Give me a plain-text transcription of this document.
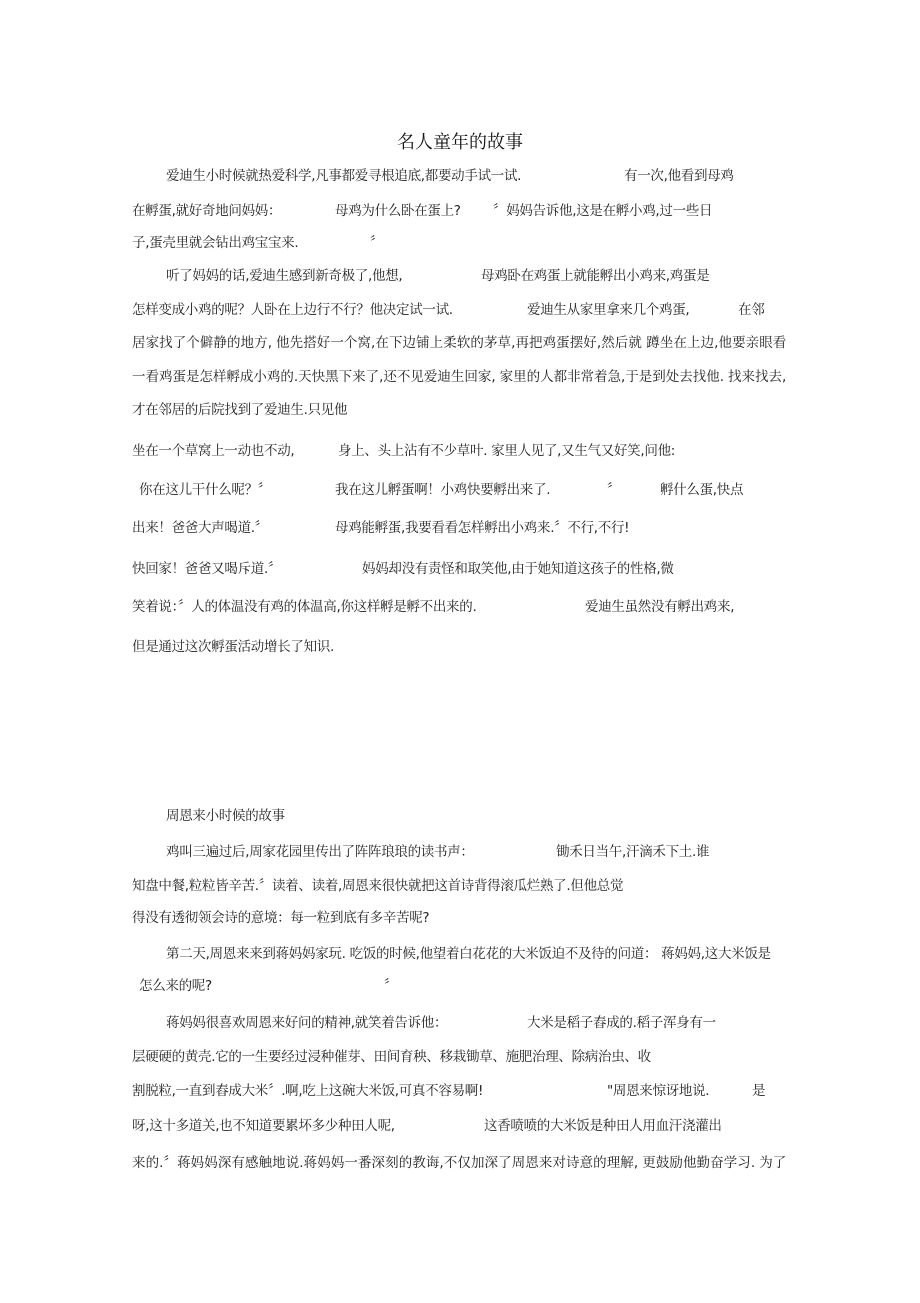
名人童年的故事
爱迪生小时候就热爱科学,凡事都爱寻根追底,都要动手试一试.	有一次,他看到母鸡
在孵蛋,就好奇地问妈妈：	母鸡为什么卧在蛋上? 〞妈妈告诉他,这是在孵小鸡,过一些日
子,蛋壳里就会钻出鸡宝宝来.	〞
听了妈妈的话,爱迪生感到新奇极了,他想,	母鸡卧在鸡蛋上就能孵出小鸡来,鸡蛋是
怎样变成小鸡的呢？人卧在上边行不行？他决定试一试.	爱迪生从家里拿来几个鸡蛋,	在邻
居家找了个僻静的地方, 他先搭好一个窝,在下边铺上柔软的茅草,再把鸡蛋摆好,然后就 蹲坐在上边,他要亲眼看
一看鸡蛋是怎样孵成小鸡的.天快黑下来了,还不见爱迪生回家, 家里的人都非常着急,于是到处去找他. 找来找去,
才在邻居的后院找到了爱迪生.只见他
坐在一个草窝上一动也不动,	身上、头上沾有不少草叶. 家里人见了,又生气又好笑,问他:
你在这儿干什么呢？〞	我在这儿孵蛋啊！小鸡快要孵出来了.	〞	孵什么蛋,快点
出来！爸爸大声喝道.〞	母鸡能孵蛋,我要看看怎样孵出小鸡来.〞不行,不行!
快回家！爸爸又喝斥道.〞	妈妈却没有责怪和取笑他,由于她知道这孩子的性格,微
笑着说：〞人的体温没有鸡的体温高,你这样孵是孵不出来的.	爱迪生虽然没有孵出鸡来,
但是通过这次孵蛋活动增长了知识.
周恩来小时候的故事
鸡叫三遍过后,周家花园里传出了阵阵琅琅的读书声：	锄禾日当午,汗滴禾下土.谁
知盘中餐,粒粒皆辛苦.〞读着、读着,周恩来很快就把这首诗背得滚瓜烂熟了.但他总觉
得没有透彻领会诗的意境：每一粒到底有多辛苦呢?
第二天,周恩来来到蒋妈妈家玩. 吃饭的时候,他望着白花花的大米饭迫不及待的问道： 蒋妈妈,这大米饭是
怎么来的呢?	〞
蒋妈妈很喜欢周恩来好问的精神,就笑着告诉他：	大米是稻子舂成的.稻子浑身有一
层硬硬的黄壳.它的一生要经过浸种催芽、田间育秧、移栽锄草、施肥治理、除病治虫、收
割脱粒,一直到舂成大米〞.啊,吃上这碗大米饭,可真不容易啊!	"周恩来惊讶地说.	是
呀,这十多道关,也不知道要累坏多少种田人呢,	这香喷喷的大米饭是种田人用血汗浇灌出
来的.〞蒋妈妈深有感触地说.蒋妈妈一番深刻的教诲,不仅加深了周恩来对诗意的理解, 更鼓励他勤奋学习. 为了
